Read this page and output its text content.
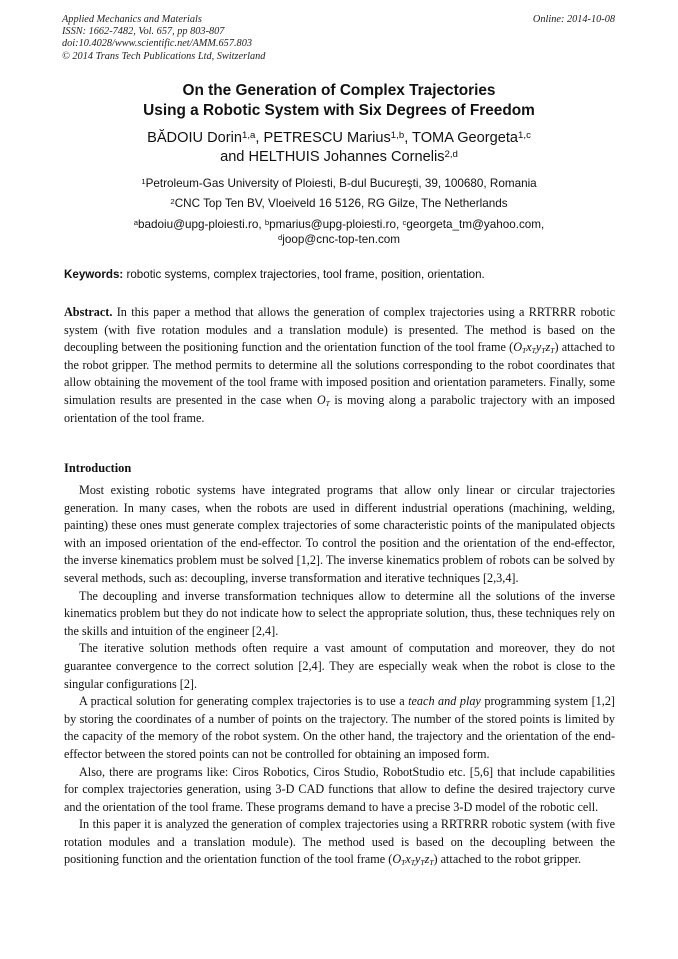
Applied Mechanics and Materials
ISSN: 1662-7482, Vol. 657, pp 803-807
doi:10.4028/www.scientific.net/AMM.657.803
© 2014 Trans Tech Publications Ltd, Switzerland
Online: 2014-10-08
On the Generation of Complex Trajectories
Using a Robotic System with Six Degrees of Freedom
BĂDOIU Dorin$^{1,a}$, PETRESCU Marius$^{1,b}$, TOMA Georgeta$^{1,c}$
and HELTHUIS Johannes Cornelis$^{2,d}$
$^1$Petroleum-Gas University of Ploiesti, B-dul Bucureşti, 39, 100680, Romania
$^2$CNC Top Ten BV, Vloeiveld 16 5126, RG Gilze, The Netherlands
$^a$badoiu@upg-ploiesti.ro, $^b$pmarius@upg-ploiesti.ro, $^c$georgeta_tm@yahoo.com,
$^d$joop@cnc-top-ten.com
Keywords: robotic systems, complex trajectories, tool frame, position, orientation.
Abstract. In this paper a method that allows the generation of complex trajectories using a RRTRRR robotic system (with five rotation modules and a translation module) is presented. The method is based on the decoupling between the positioning function and the orientation function of the tool frame $(O_Tx_Ty_Tz_T)$ attached to the robot gripper. The method permits to determine all the solutions corresponding to the robot coordinates that allow obtaining the movement of the tool frame with imposed position and orientation parameters. Finally, some simulation results are presented in the case when $O_T$ is moving along a parabolic trajectory with an imposed orientation of the tool frame.
Introduction

Most existing robotic systems have integrated programs that allow only linear or circular trajectories generation. In many cases, when the robots are used in different industrial operations (machining, welding, painting) these ones must generate complex trajectories of some characteristic points of the manipulated objects with an imposed orientation of the end-effector. To control the position and the orientation of the end-effector, the inverse kinematics problem must be solved [1,2]. The inverse kinematics problem of robots can be solved by several methods, such as: decoupling, inverse transformation and iterative techniques [2,3,4].

The decoupling and inverse transformation techniques allow to determine all the solutions of the inverse kinematics problem but they do not indicate how to select the appropriate solution, thus, these techniques rely on the skills and intuition of the engineer [2,4].

The iterative solution methods often require a vast amount of computation and moreover, they do not guarantee convergence to the correct solution [2,4]. They are especially weak when the robot is close to the singular configurations [2].

A practical solution for generating complex trajectories is to use a teach and play programming system [1,2] by storing the coordinates of a number of points on the trajectory. The number of the stored points is limited by the capacity of the memory of the robot system. On the other hand, the trajectory and the orientation of the end-effector between the stored points can not be controlled for obtaining an imposed form.

Also, there are programs like: Ciros Robotics, Ciros Studio, RobotStudio etc. [5,6] that include capabilities for complex trajectories generation, using 3-D CAD functions that allow to define the desired trajectory curve and the orientation of the tool frame. These programs demand to have a precise 3-D model of the robotic cell.

In this paper it is analyzed the generation of complex trajectories using a RRTRRR robotic system (with five rotation modules and a translation module). The method used is based on the decoupling between the positioning function and the orientation function of the tool frame $(O_Tx_Ty_Tz_T)$ attached to the robot gripper.
